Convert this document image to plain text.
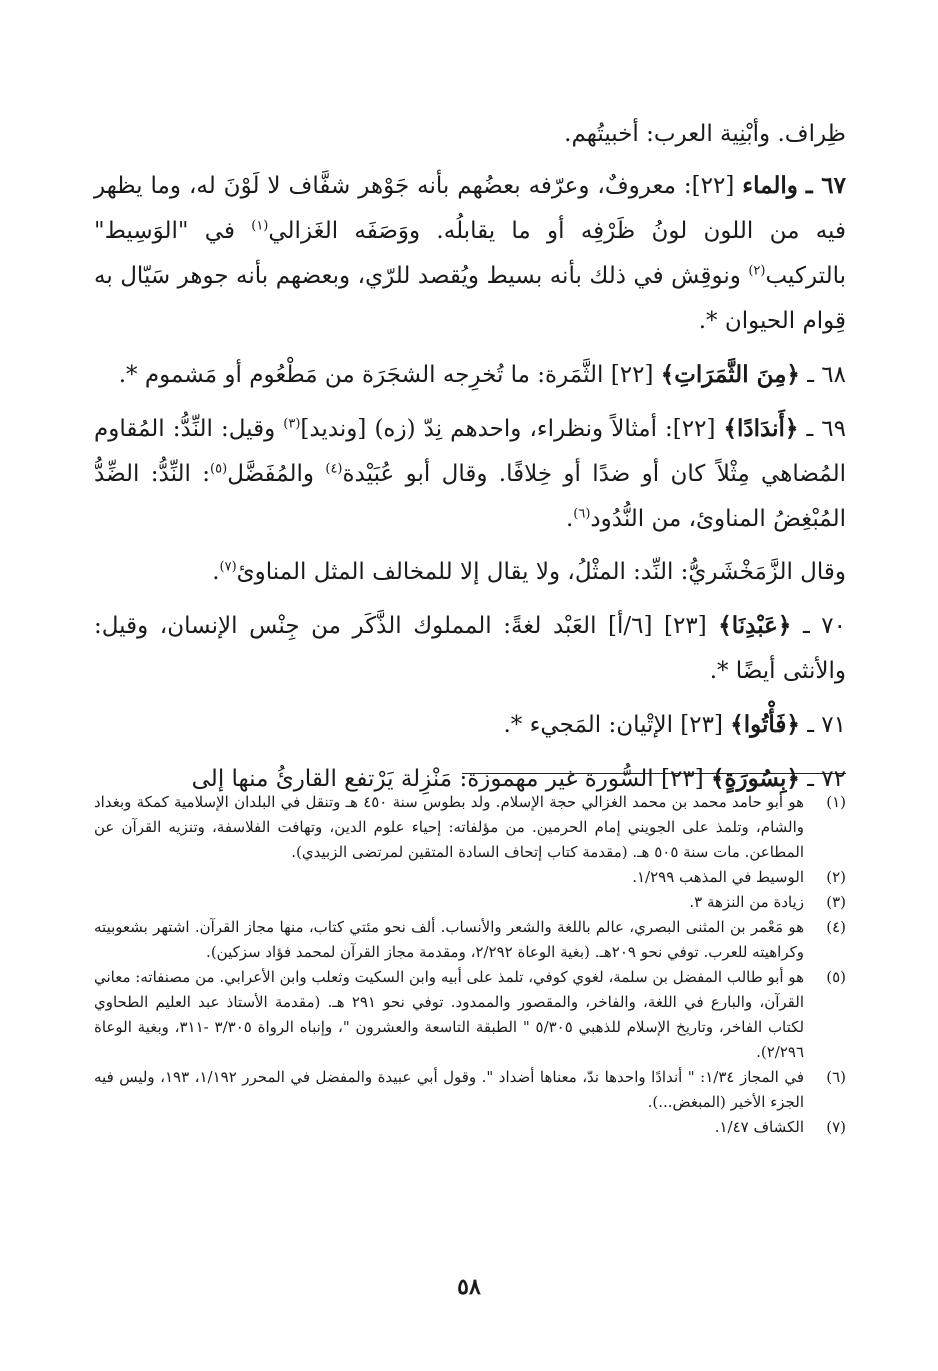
ظِراف. وأبْنِية العرب: أخبيتُهم.

٦٧ ـ والماء [٢٢]: معروفٌ، وعرّفه بعضُهم بأنه جَوْهر شفَّاف لا لَوْنَ له، وما يظهر فيه من اللون لونُ ظَرْفِه أو ما يقابلُه. ووَصَفَه الغَزالي$^{(١)}$ في "الوَسِيط" بالتركيب$^{(٢)}$ ونوقِش في ذلك بأنه بسيط ويُقصد للرّي، وبعضهم بأنه جوهر سَيّال به قِوام الحيوان *.

٦٨ ـ ﴿مِنَ الثَّمَرَاتِ﴾ [٢٢] الثَّمَرة: ما تُخرِجه الشجَرَة من مَطْعُوم أو مَشموم *.

٦٩ ـ ﴿أَندَادًا﴾ [٢٢]: أمثالاً ونظراء، واحدهم نِدّ (زه) [ونديد]$^{(٣)}$ وقيل: النِّدُّ: المُقاوم المُضاهي مِثْلاً كان أو ضدًا أو خِلافًا. وقال أبو عُبَيْدة$^{(٤)}$ والمُفَضَّل$^{(٥)}$: النِّدُّ: الضِّدُّ المُبْغِضُ المناوئ، من النُّدُود$^{(٦)}$.

وقال الزَّمَخْشَريُّ: النِّد: المثْلُ، ولا يقال إلا للمخالف المثل المناوئ$^{(٧)}$.

٧٠ ـ ﴿عَبْدِنَا﴾ [٢٣] [٦/أ] العَبْد لغةً: المملوك الذَّكَر من جِنْس الإنسان، وقيل: والأنثى أيضًا *.

٧١ ـ ﴿فَأْتُوا﴾ [٢٣] الإتْيان: المَجيء *.

٧٢ ـ ﴿بِسُورَةٍ﴾ [٢٣] السُّورة غير مهموزة: مَنْزِلة يَرْتفع القارئُ منها إلى

(١)
هو أبو حامد محمد بن محمد الغزالي حجة الإسلام. ولد بطوس سنة ٤٥٠ هـ وتنقل في البلدان الإسلامية كمكة وبغداد والشام، وتلمذ على الجويني إمام الحرمين. من مؤلفاته: إحياء علوم الدين، وتهافت الفلاسفة، وتنزيه القرآن عن المطاعن. مات سنة ٥٠٥ هـ. (مقدمة كتاب إتحاف السادة المتقين لمرتضى الزبيدي).
(٢)
الوسيط في المذهب ١/٢٩٩.
(٣)
زيادة من النزهة ٣.
(٤)
هو مَعْمر بن المثنى البصري، عالم باللغة والشعر والأنساب. ألف نحو مئتي كتاب، منها مجاز القرآن. اشتهر بشعوبيته وكراهيته للعرب. توفي نحو ٢٠٩هـ. (بغية الوعاة ٢/٢٩٢، ومقدمة مجاز القرآن لمحمد فؤاد سزكين).
(٥)
هو أبو طالب المفضل بن سلمة، لغوي كوفي، تلمذ على أبيه وابن السكيت وثعلب وابن الأعرابي. من مصنفاته: معاني القرآن، والبارع في اللغة، والفاخر، والمقصور والممدود. توفي نحو ٢٩١ هـ. (مقدمة الأستاذ عبد العليم الطحاوي لكتاب الفاخر، وتاريخ الإسلام للذهبي ٥/٣٠٥ " الطبقة التاسعة والعشرون "، وإنباه الرواة ٣/٣٠٥ -٣١١، وبغية الوعاة ٢/٢٩٦).
(٦)
في المجاز ١/٣٤: " أندادًا واحدها ندّ، معناها أضداد ". وقول أبي عبيدة والمفضل في المحرر ١/١٩٢، ١٩٣، وليس فيه الجزء الأخير (المبغض...).
(٧)
الكشاف ١/٤٧.
٥٨
